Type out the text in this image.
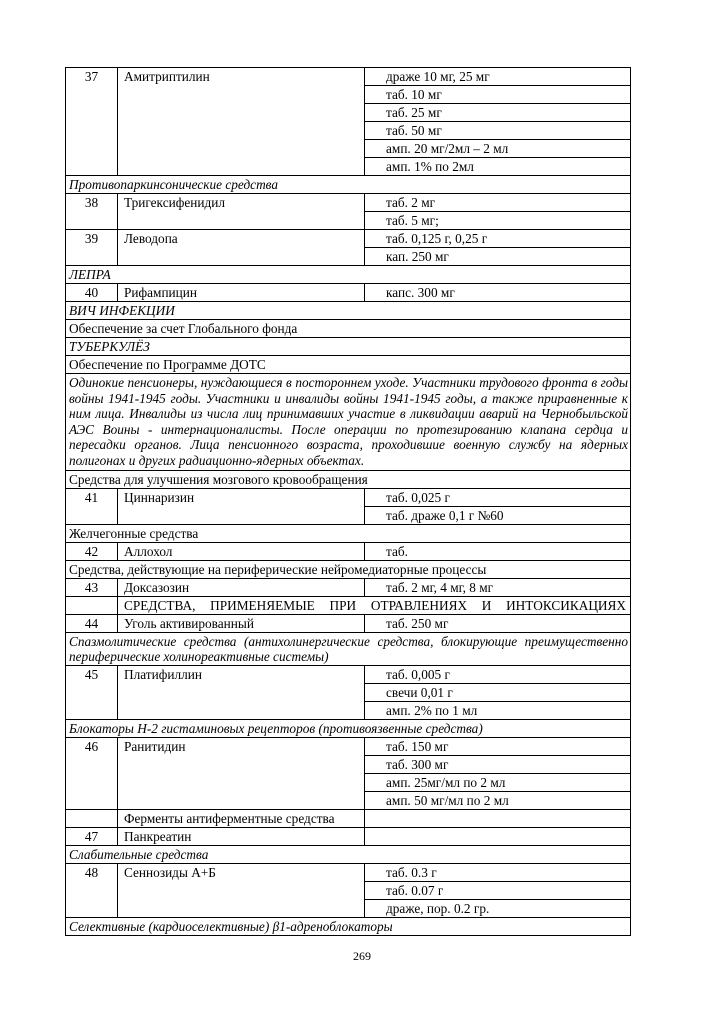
37	Амитриптилин	драже 10 мг, 25 мг
		таб. 10 мг
		таб. 25 мг
		таб. 50 мг
		амп. 20 мг/2мл – 2 мл
		амп. 1% по 2мл
Противопаркинсонические средства		
38	Тригексифенидил	таб. 2 мг
		таб. 5 мг;
39	Леводопа	таб. 0,125 г, 0,25 г
		кап. 250 мг
ЛЕПРА		
40	Рифампицин	капс. 300 мг
ВИЧ ИНФЕКЦИИ		
Обеспечение за счет Глобального фонда		
ТУБЕРКУЛЁЗ		
Обеспечение по Программе ДОТС		
Одинокие пенсионеры, нуждающиеся в постороннем уходе. Участники трудового фронта в годы войны 1941-1945 годы. Участники и инвалиды войны 1941-1945 годы, а также приравненные к ним лица. Инвалиды из числа лиц принимавших участие в ликвидации аварий на Чернобыльской АЭС Воины - интернационалисты. После операции по протезированию клапана сердца и пересадки органов. Лица пенсионного возраста, проходившие военную службу на ядерных полигонах и других радиационно-ядерных объектах.		
Средства для улучшения мозгового кровообращения		
41	Циннаризин	таб. 0,025 г
		таб. драже 0,1 г №60
Желчегонные средства		
42	Аллохол	таб.
Средства, действующие на периферические нейромедиаторные процессы		
43	Доксазозин	таб. 2 мг, 4 мг, 8 мг
	СРЕДСТВА, ПРИМЕНЯЕМЫЕ ПРИ ОТРАВЛЕНИЯХ И ИНТОКСИКАЦИЯХ	
44	Уголь активированный	таб. 250 мг
Спазмолитические средства (антихолинергические средства, блокирующие преимущественно периферические холинореактивные системы)		
45	Платифиллин	таб. 0,005 г
		свечи 0,01 г
		амп. 2% по 1 мл
Блокаторы Н-2 гистаминовых рецепторов (противоязвенные средства)		
46	Ранитидин	таб. 150 мг
		таб. 300 мг
		амп. 25мг/мл по 2 мл
		амп. 50 мг/мл по 2 мл
	Ферменты антиферментные средства	
47	Панкреатин	
Слабительные средства		
48	Сеннозиды А+Б	таб. 0.3 г
		таб. 0.07 г
		драже, пор. 0.2 гр.
Селективные (кардиоселективные) β1-адреноблокаторы		
269
